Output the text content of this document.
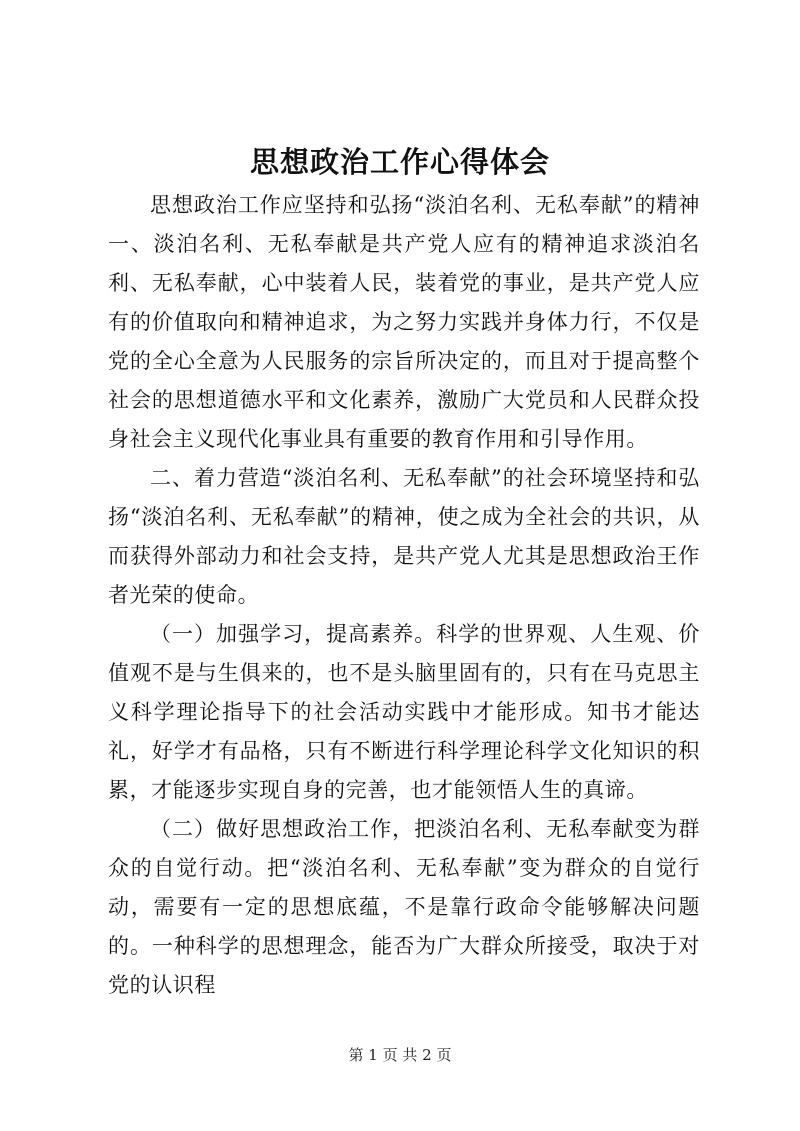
思想政治工作心得体会

思想政治工作应坚持和弘扬“淡泊名利、无私奉献”的精神一、淡泊名利、无私奉献是共产党人应有的精神追求淡泊名利、无私奉献，心中装着人民，装着党的事业，是共产党人应有的价值取向和精神追求，为之努力实践并身体力行，不仅是党的全心全意为人民服务的宗旨所决定的，而且对于提高整个社会的思想道德水平和文化素养，激励广大党员和人民群众投身社会主义现代化事业具有重要的教育作用和引导作用。

二、着力营造“淡泊名利、无私奉献”的社会环境坚持和弘扬“淡泊名利、无私奉献”的精神，使之成为全社会的共识，从而获得外部动力和社会支持，是共产党人尤其是思想政治王作者光荣的使命。

（一）加强学习，提高素养。科学的世界观、人生观、价值观不是与生俱来的，也不是头脑里固有的，只有在马克思主义科学理论指导下的社会活动实践中才能形成。知书才能达礼，好学才有品格，只有不断进行科学理论科学文化知识的积累，才能逐步实现自身的完善，也才能领悟人生的真谛。

（二）做好思想政治工作，把淡泊名利、无私奉献变为群众的自觉行动。把“淡泊名利、无私奉献”变为群众的自觉行动，需要有一定的思想底蕴，不是靠行政命令能够解决问题的。一种科学的思想理念，能否为广大群众所接受，取决于对党的认识程

第 1 页 共 2 页
